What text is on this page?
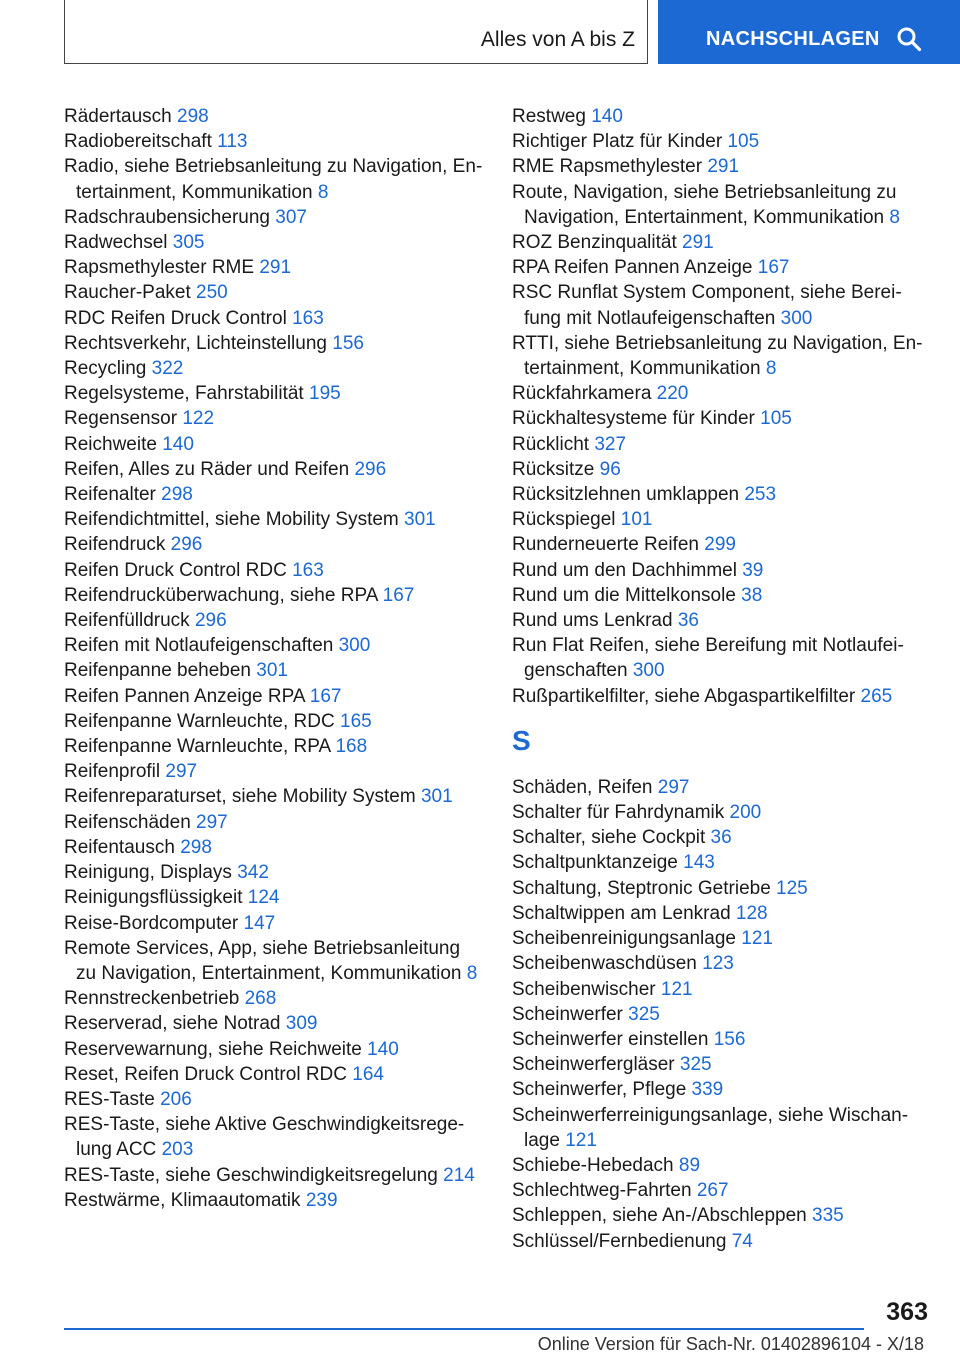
Alles von A bis Z	NACHSCHLAGEN
Rädertausch 298
Radiobereitschaft 113
Radio, siehe Betriebsanleitung zu Navigation, Entertainment, Kommunikation 8
Radschraubensicherung 307
Radwechsel 305
Rapsmethylester RME 291
Raucher-Paket 250
RDC Reifen Druck Control 163
Rechtsverkehr, Lichteinstellung 156
Recycling 322
Regelsysteme, Fahrstabilität 195
Regensensor 122
Reichweite 140
Reifen, Alles zu Räder und Reifen 296
Reifenalter 298
Reifendichtmittel, siehe Mobility System 301
Reifendruck 296
Reifen Druck Control RDC 163
Reifendrucküberwachung, siehe RPA 167
Reifenfülldruck 296
Reifen mit Notlaufeigenschaften 300
Reifenpanne beheben 301
Reifen Pannen Anzeige RPA 167
Reifenpanne Warnleuchte, RDC 165
Reifenpanne Warnleuchte, RPA 168
Reifenprofil 297
Reifenreparaturset, siehe Mobility System 301
Reifenschäden 297
Reifentausch 298
Reinigung, Displays 342
Reinigungsflüssigkeit 124
Reise-Bordcomputer 147
Remote Services, App, siehe Betriebsanleitung zu Navigation, Entertainment, Kommunikation 8
Rennstreckenbetrieb 268
Reserverad, siehe Notrad 309
Reservewarnung, siehe Reichweite 140
Reset, Reifen Druck Control RDC 164
RES-Taste 206
RES-Taste, siehe Aktive Geschwindigkeitsregelung ACC 203
RES-Taste, siehe Geschwindigkeitsregelung 214
Restwärme, Klimaautomatik 239
Restweg 140
Richtiger Platz für Kinder 105
RME Rapsmethylester 291
Route, Navigation, siehe Betriebsanleitung zu Navigation, Entertainment, Kommunikation 8
ROZ Benzinqualität 291
RPA Reifen Pannen Anzeige 167
RSC Runflat System Component, siehe Bereifung mit Notlaufeigenschaften 300
RTTI, siehe Betriebsanleitung zu Navigation, Entertainment, Kommunikation 8
Rückfahrkamera 220
Rückhaltesysteme für Kinder 105
Rücklicht 327
Rücksitze 96
Rücksitzlehnen umklappen 253
Rückspiegel 101
Runderneuerte Reifen 299
Rund um den Dachhimmel 39
Rund um die Mittelkonsole 38
Rund ums Lenkrad 36
Run Flat Reifen, siehe Bereifung mit Notlaufeigenschaften 300
Rußpartikelfilter, siehe Abgaspartikelfilter 265
S
Schäden, Reifen 297
Schalter für Fahrdynamik 200
Schalter, siehe Cockpit 36
Schaltpunktanzeige 143
Schaltung, Steptronic Getriebe 125
Schaltwippen am Lenkrad 128
Scheibenreinigungsanlage 121
Scheibenwaschdüsen 123
Scheibenwischer 121
Scheinwerfer 325
Scheinwerfer einstellen 156
Scheinwerfergläser 325
Scheinwerfer, Pflege 339
Scheinwerferreinigungsanlage, siehe Wischanlage 121
Schiebe-Hebedach 89
Schlechtweg-Fahrten 267
Schleppen, siehe An-/Abschleppen 335
Schlüssel/Fernbedienung 74
363
Online Version für Sach-Nr. 01402896104 - X/18
